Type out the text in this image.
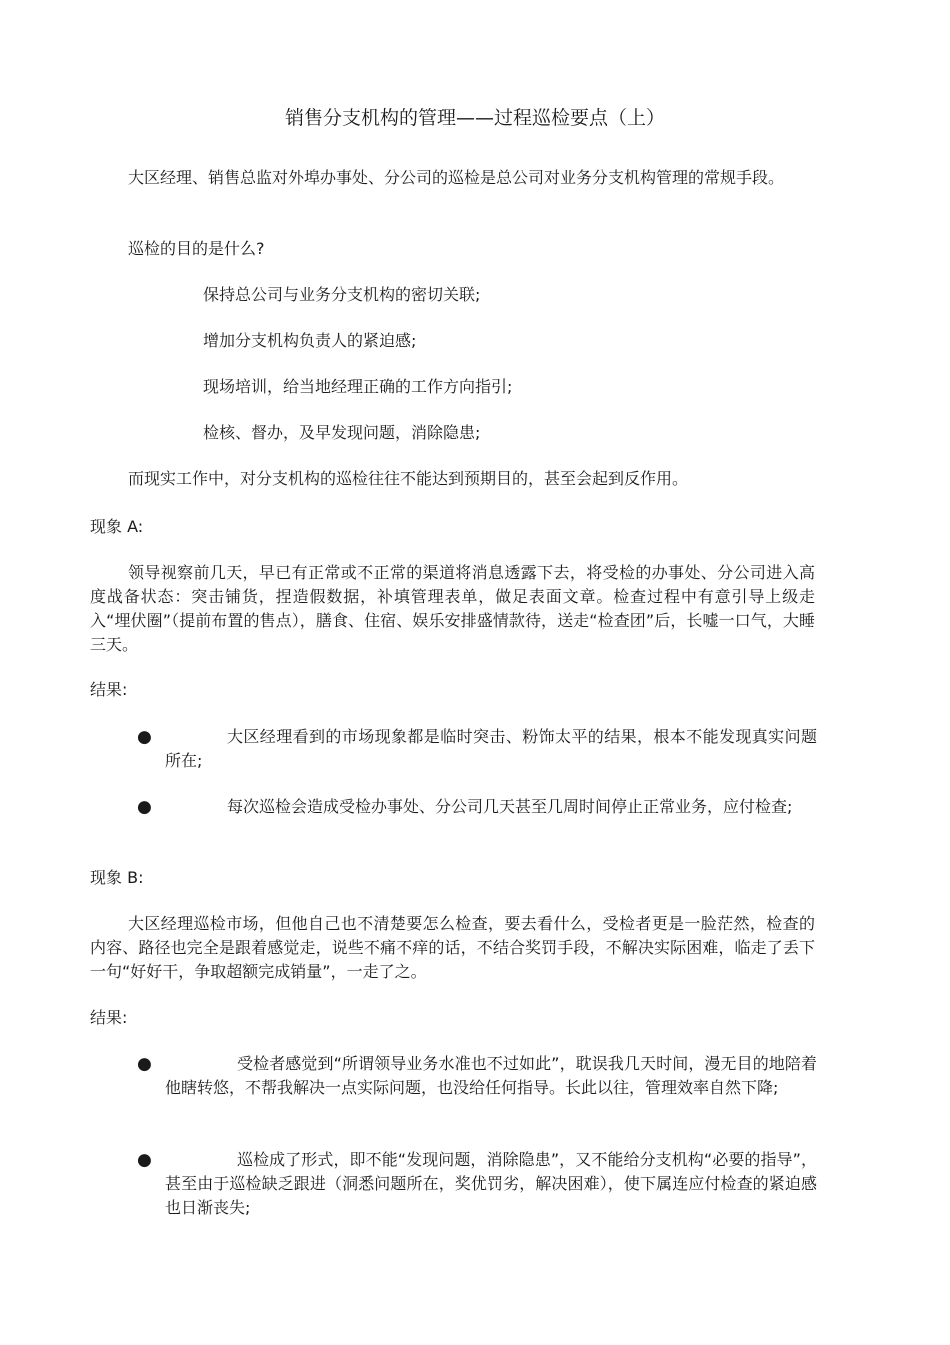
销售分支机构的管理——过程巡检要点（上）

大区经理、销售总监对外埠办事处、分公司的巡检是总公司对业务分支机构管理的常规手段。

巡检的目的是什么?

保持总公司与业务分支机构的密切关联;

增加分支机构负责人的紧迫感;

现场培训，给当地经理正确的工作方向指引;

检核、督办，及早发现问题，消除隐患;

而现实工作中，对分支机构的巡检往往不能达到预期目的，甚至会起到反作用。

现象 A:

领导视察前几天，早已有正常或不正常的渠道将消息透露下去，将受检的办事处、分公司进入高度战备状态：突击铺货，捏造假数据，补填管理表单，做足表面文章。检查过程中有意引导上级走入“埋伏圈”（提前布置的售点），膳食、住宿、娱乐安排盛情款待，送走“检查团”后，长嘘一口气，大睡三天。

结果:

●	大区经理看到的市场现象都是临时突击、粉饰太平的结果，根本不能发现真实问题所在;
●	每次巡检会造成受检办事处、分公司几天甚至几周时间停止正常业务，应付检查;

现象 B:

大区经理巡检市场，但他自己也不清楚要怎么检查，要去看什么，受检者更是一脸茫然，检查的内容、路径也完全是跟着感觉走，说些不痛不痒的话，不结合奖罚手段，不解决实际困难，临走了丢下一句“好好干，争取超额完成销量”，一走了之。

结果:

●	受检者感觉到“所谓领导业务水准也不过如此”，耽误我几天时间，漫无目的地陪着他瞎转悠，不帮我解决一点实际问题，也没给任何指导。长此以往，管理效率自然下降;
●	巡检成了形式，即不能“发现问题，消除隐患”，又不能给分支机构“必要的指导”，甚至由于巡检缺乏跟进（洞悉问题所在，奖优罚劣，解决困难），使下属连应付检查的紧迫感也日渐丧失;
